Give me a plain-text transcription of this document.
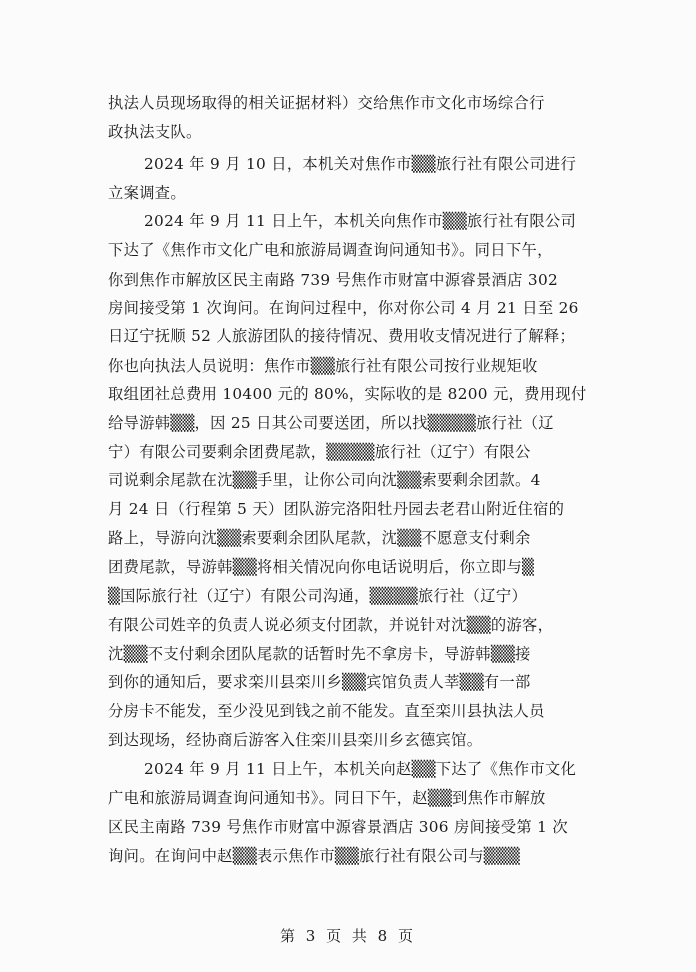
执法人员现场取得的相关证据材料）交给焦作市文化市场综合行
政执法支队。
2024 年 9 月 10 日，本机关对焦作市▒▒旅行社有限公司进行
立案调查。
2024 年 9 月 11 日上午，本机关向焦作市▒▒旅行社有限公司
下达了《焦作市文化广电和旅游局调查询问通知书》。同日下午，
你到焦作市解放区民主南路 739 号焦作市财富中源睿景酒店 302
房间接受第 1 次询问。在询问过程中，你对你公司 4 月 21 日至 26
日辽宁抚顺 52 人旅游团队的接待情况、费用收支情况进行了解释；
你也向执法人员说明：焦作市▒▒旅行社有限公司按行业规矩收
取组团社总费用 10400 元的 80%，实际收的是 8200 元，费用现付
给导游韩▒▒，因 25 日其公司要送团，所以找▒▒▒▒旅行社（辽
宁）有限公司要剩余团费尾款，▒▒▒▒旅行社（辽宁）有限公
司说剩余尾款在沈▒▒手里，让你公司向沈▒▒索要剩余团款。4
月 24 日（行程第 5 天）团队游完洛阳牡丹园去老君山附近住宿的
路上，导游向沈▒▒索要剩余团队尾款，沈▒▒不愿意支付剩余
团费尾款，导游韩▒▒将相关情况向你电话说明后，你立即与▒
▒国际旅行社（辽宁）有限公司沟通，▒▒▒▒旅行社（辽宁）
有限公司姓辛的负责人说必须支付团款，并说针对沈▒▒的游客，
沈▒▒不支付剩余团队尾款的话暂时先不拿房卡，导游韩▒▒接
到你的通知后，要求栾川县栾川乡▒▒宾馆负责人莘▒▒有一部
分房卡不能发，至少没见到钱之前不能发。直至栾川县执法人员
到达现场，经协商后游客入住栾川县栾川乡玄德宾馆。
2024 年 9 月 11 日上午，本机关向赵▒▒下达了《焦作市文化
广电和旅游局调查询问通知书》。同日下午，赵▒▒到焦作市解放
区民主南路 739 号焦作市财富中源睿景酒店 306 房间接受第 1 次
询问。在询问中赵▒▒表示焦作市▒▒旅行社有限公司与▒▒▒
第 3 页 共 8 页
